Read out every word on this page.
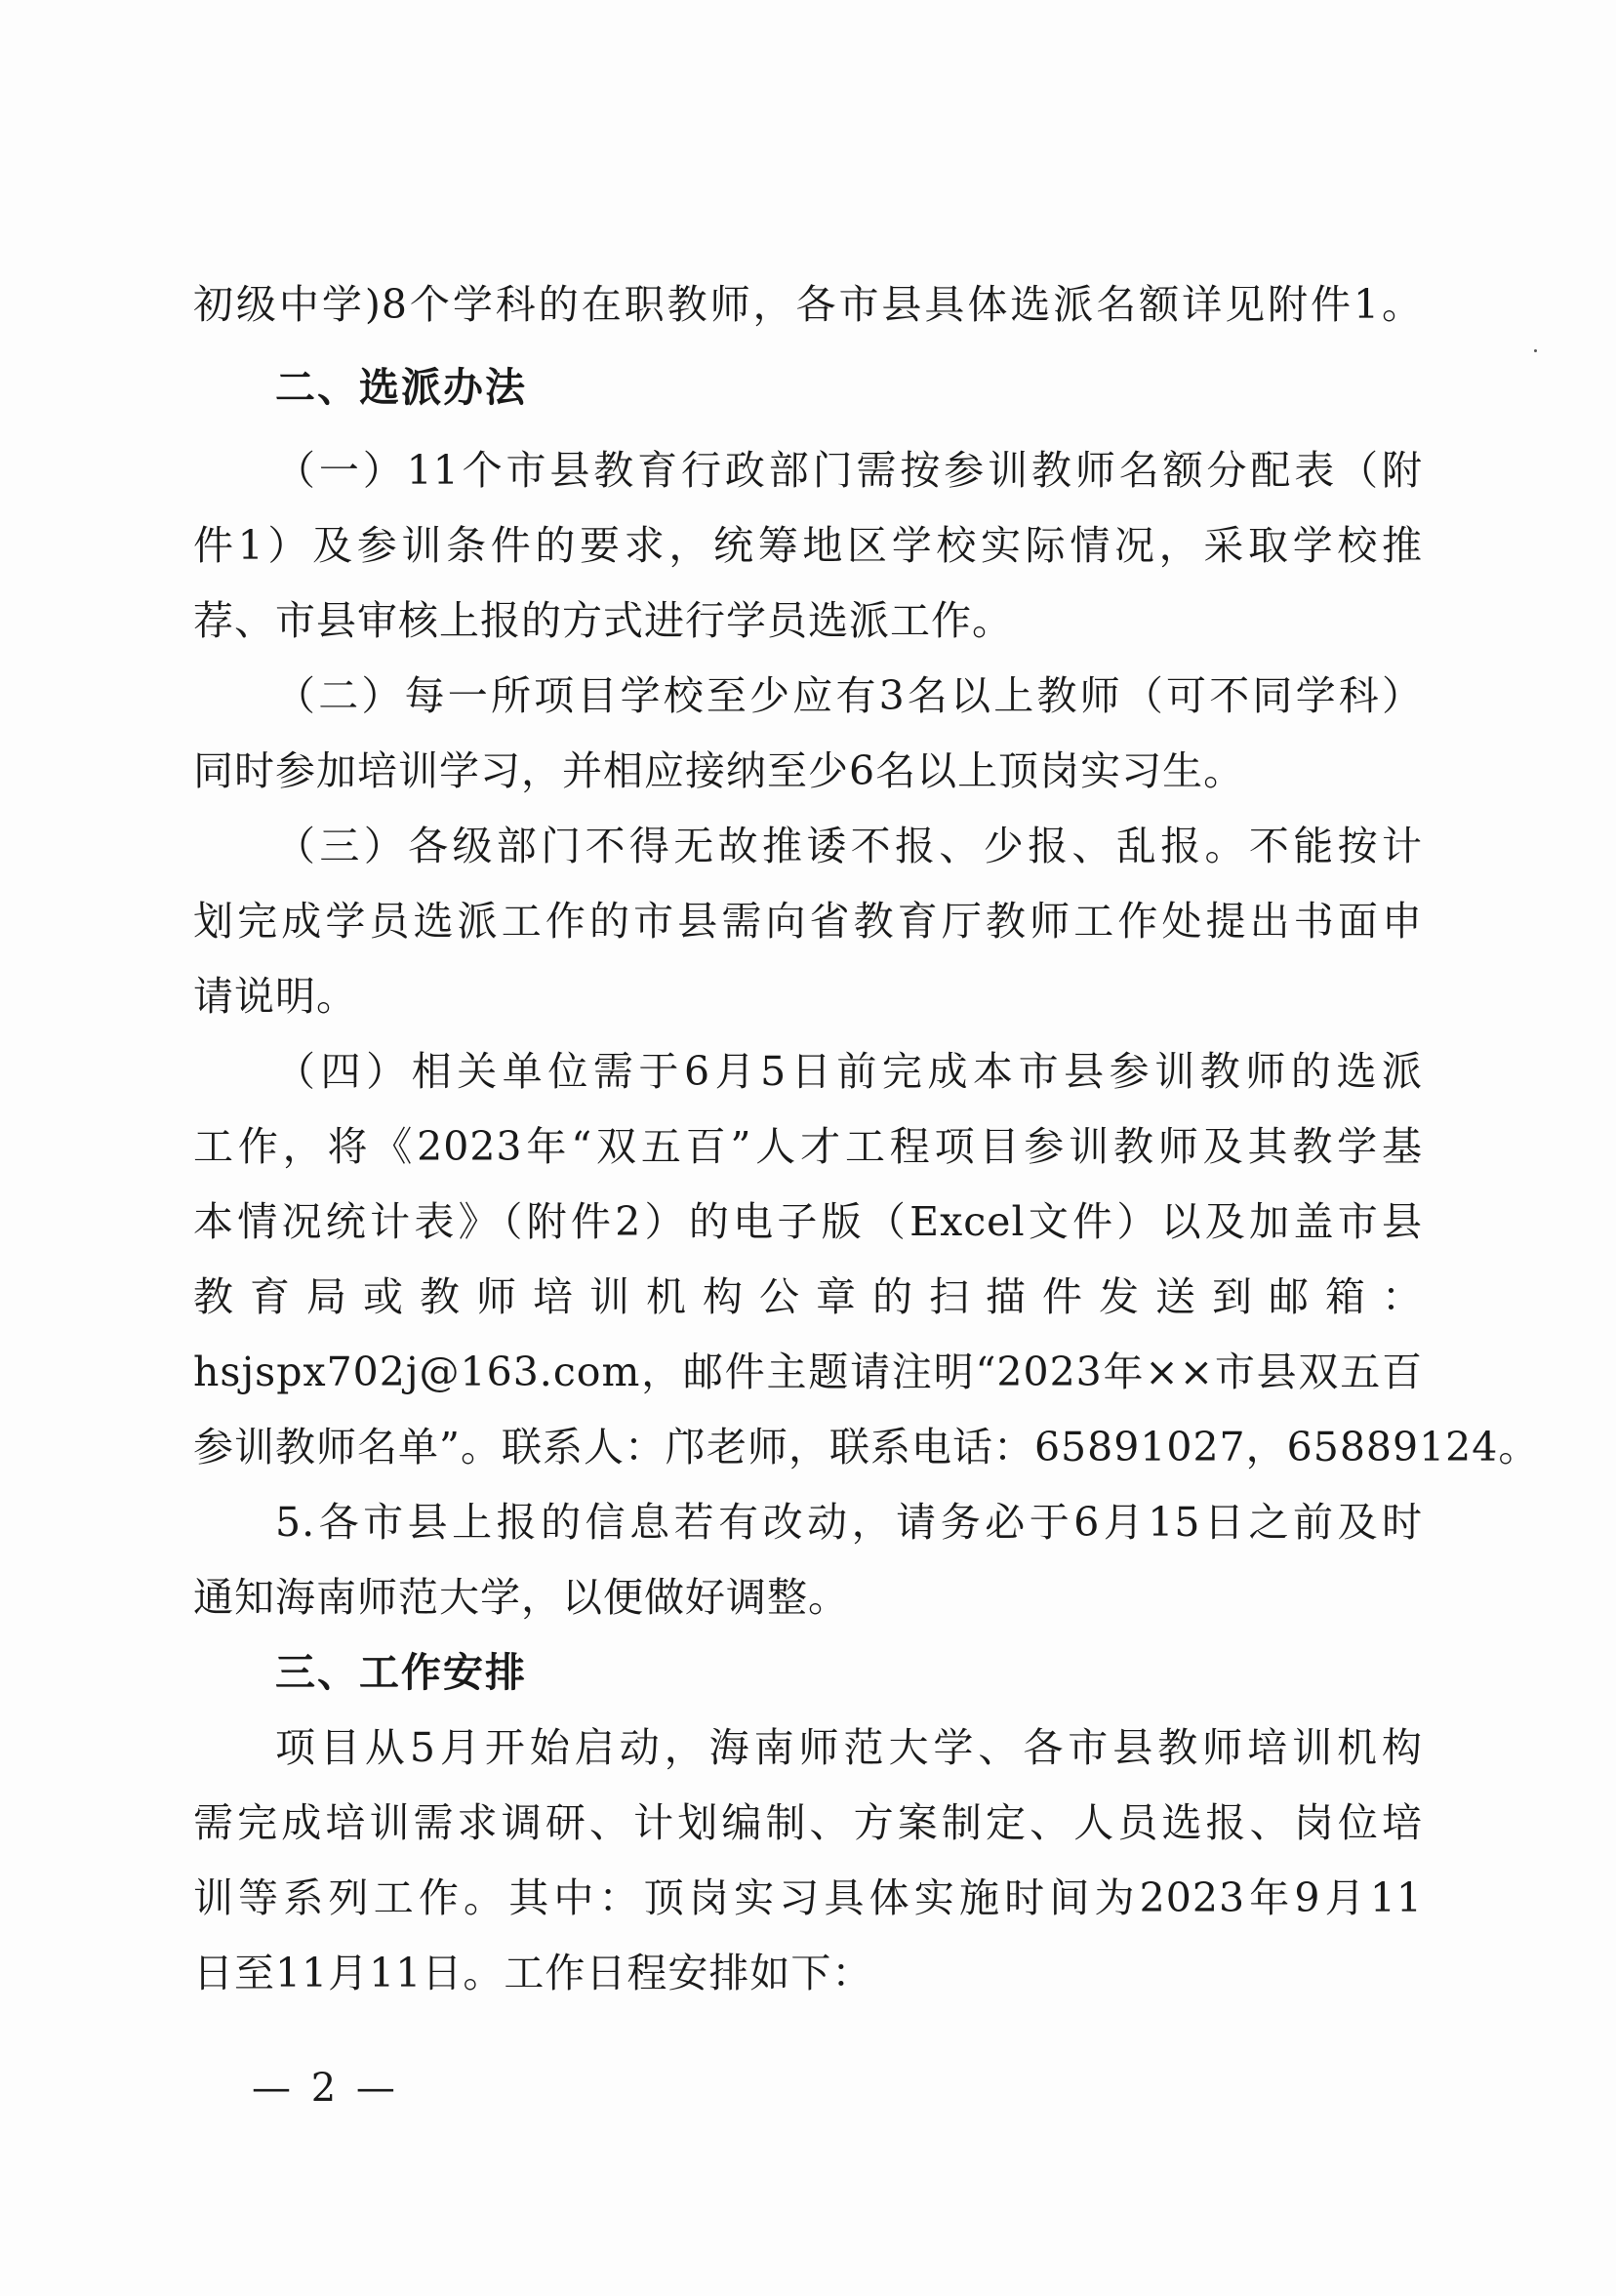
初级中学)8个学科的在职教师，各市县具体选派名额详见附件1。
二、选派办法
（一）11个市县教育行政部门需按参训教师名额分配表（附
件1）及参训条件的要求，统筹地区学校实际情况，采取学校推
荐、市县审核上报的方式进行学员选派工作。
（二）每一所项目学校至少应有3名以上教师（可不同学科）
同时参加培训学习，并相应接纳至少6名以上顶岗实习生。
（三）各级部门不得无故推诿不报、少报、乱报。不能按计
划完成学员选派工作的市县需向省教育厅教师工作处提出书面申
请说明。
（四）相关单位需于6月5日前完成本市县参训教师的选派
工作，将《2023年“双五百”人才工程项目参训教师及其教学基
本情况统计表》（附件2）的电子版（Excel文件）以及加盖市县
教育局或教师培训机构公章的扫描件发送到邮箱：
hsjspx702j@163.com，邮件主题请注明“2023年××市县双五百
参训教师名单”。联系人：邝老师，联系电话：65891027，65889124。
5.各市县上报的信息若有改动，请务必于6月15日之前及时
通知海南师范大学，以便做好调整。
三、工作安排
项目从5月开始启动，海南师范大学、各市县教师培训机构
需完成培训需求调研、计划编制、方案制定、人员选报、岗位培
训等系列工作。其中：顶岗实习具体实施时间为2023年9月11
日至11月11日。工作日程安排如下：
— 2 —
